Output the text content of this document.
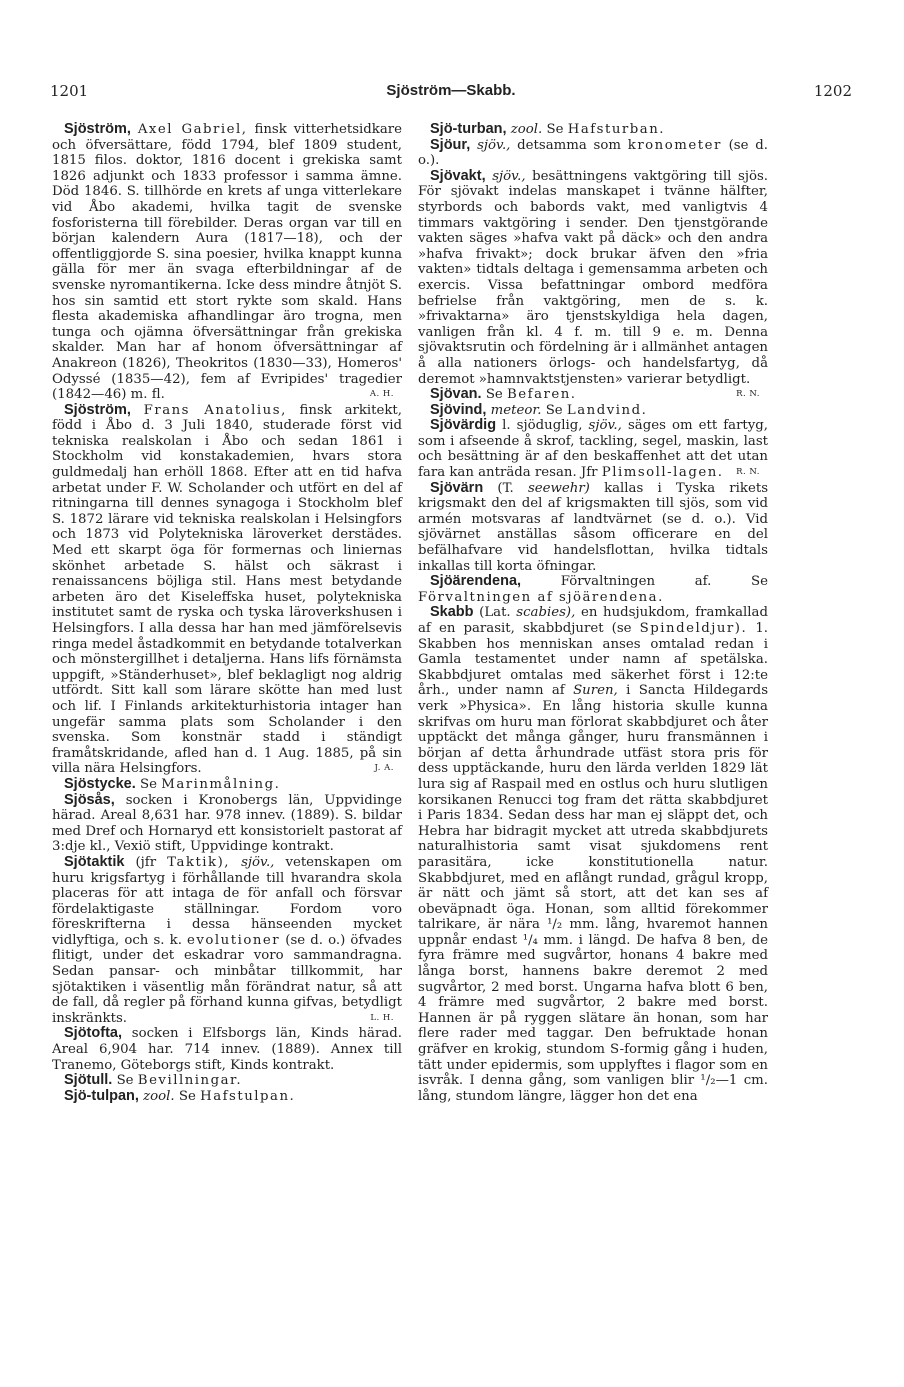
1201	Sjöström—Skabb.	1202

Sjöström, Axel Gabriel, finsk vitterhetsidkare och öfversättare, född 1794, blef 1809 student, 1815 filos. doktor, 1816 docent i grekiska samt 1826 adjunkt och 1833 professor i samma ämne. Död 1846. S. tillhörde en krets af unga vitterlekare vid Åbo akademi, hvilka tagit de svenske fosforisterna till förebilder. Deras organ var till en början kalendern Aura (1817—18), och der offentliggjorde S. sina poesier, hvilka knappt kunna gälla för mer än svaga efterbildningar af de svenske nyromantikerna. Icke dess mindre åtnjöt S. hos sin samtid ett stort rykte som skald. Hans flesta akademiska afhandlingar äro trogna, men tunga och ojämna öfversättningar från grekiska skalder. Man har af honom öfversättningar af Anakreon (1826), Theokritos (1830—33), Homeros' Odyssé (1835—42), fem af Evripides' tragedier (1842—46) m. fl.	A. H.

Sjöström, Frans Anatolius, finsk arkitekt, född i Åbo d. 3 Juli 1840, studerade först vid tekniska realskolan i Åbo och sedan 1861 i Stockholm vid konstakademien, hvars stora guldmedalj han erhöll 1868. Efter att en tid hafva arbetat under F. W. Scholander och utfört en del af ritningarna till dennes synagoga i Stockholm blef S. 1872 lärare vid tekniska realskolan i Helsingfors och 1873 vid Polytekniska läroverket derstädes. Med ett skarpt öga för formernas och liniernas skönhet arbetade S. hälst och säkrast i renaissancens böjliga stil. Hans mest betydande arbeten äro det Kiseleffska huset, polytekniska institutet samt de ryska och tyska läroverkshusen i Helsingfors. I alla dessa har han med jämförelsevis ringa medel åstadkommit en betydande totalverkan och mönstergillhet i detaljerna. Hans lifs förnämsta uppgift, »Ständerhuset», blef beklagligt nog aldrig utfördt. Sitt kall som lärare skötte han med lust och lif. I Finlands arkitekturhistoria intager han ungefär samma plats som Scholander i den svenska. Som konstnär stadd i ständigt framåtskridande, afled han d. 1 Aug. 1885, på sin villa nära Helsingfors.	J. A.

Sjöstycke. Se Marinmålning.

Sjösås, socken i Kronobergs län, Uppvidinge härad. Areal 8,631 har. 978 innev. (1889). S. bildar med Dref och Hornaryd ett konsistorielt pastorat af 3:dje kl., Vexiö stift, Uppvidinge kontrakt.

Sjötaktik (jfr Taktik), sjöv., vetenskapen om huru krigsfartyg i förhållande till hvarandra skola placeras för att intaga de för anfall och försvar fördelaktigaste ställningar. Fordom voro föreskrifterna i dessa hänseenden mycket vidlyftiga, och s. k. evolutioner (se d. o.) öfvades flitigt, under det eskadrar voro sammandragna. Sedan pansar- och minbåtar tillkommit, har sjötaktiken i väsentlig mån förändrat natur, så att de fall, då regler på förhand kunna gifvas, betydligt inskränkts.	L. H.

Sjötofta, socken i Elfsborgs län, Kinds härad. Areal 6,904 har. 714 innev. (1889). Annex till Tranemo, Göteborgs stift, Kinds kontrakt.

Sjötull. Se Bevillningar.

Sjö-tulpan, zool. Se Hafstulpan.

Sjö-turban, zool. Se Hafsturban.

Sjöur, sjöv., detsamma som kronometer (se d. o.).

Sjövakt, sjöv., besättningens vaktgöring till sjös. För sjövakt indelas manskapet i tvänne hälfter, styrbords och babords vakt, med vanligtvis 4 timmars vaktgöring i sender. Den tjenstgörande vakten säges »hafva vakt på däck» och den andra »hafva frivakt»; dock brukar äfven den »fria vakten» tidtals deltaga i gemensamma arbeten och exercis. Vissa befattningar ombord medföra befrielse från vaktgöring, men de s. k. »frivaktarna» äro tjenstskyldiga hela dagen, vanligen från kl. 4 f. m. till 9 e. m. Denna sjövaktsrutin och fördelning är i allmänhet antagen å alla nationers örlogs- och handelsfartyg, då deremot »hamnvaktstjensten» varierar betydligt.
R. N.

Sjövan. Se Befaren.

Sjövind, meteor. Se Landvind.

Sjövärdig l. sjöduglig, sjöv., säges om ett fartyg, som i afseende å skrof, tackling, segel, maskin, last och besättning är af den beskaffenhet att det utan fara kan anträda resan. Jfr Plimsoll-lagen.	R. N.

Sjövärn (T. seewehr) kallas i Tyska rikets krigsmakt den del af krigsmakten till sjös, som vid armén motsvaras af landtvärnet (se d. o.). Vid sjövärnet anställas såsom officerare en del befälhafvare vid handelsflottan, hvilka tidtals inkallas till korta öfningar.

Sjöärendena,	Förvaltningen af. Se Förvaltningen af sjöärendena.

Skabb (Lat. scabies), en hudsjukdom, framkallad af en parasit, skabbdjuret (se Spindeldjur). 1. Skabben hos menniskan anses omtalad redan i Gamla testamentet under namn af spetälska. Skabbdjuret omtalas med säkerhet först i 12:te årh., under namn af Suren, i Sancta Hildegards verk »Physica». En lång historia skulle kunna skrifvas om huru man förlorat skabbdjuret och åter upptäckt det många gånger, huru fransmännen i början af detta århundrade utfäst stora pris för dess upptäckande, huru den lärda verlden 1829 lät lura sig af Raspail med en ostlus och huru slutligen korsikanen Renucci tog fram det rätta skabbdjuret i Paris 1834. Sedan dess har man ej släppt det, och Hebra har bidragit mycket att utreda skabbdjurets naturalhistoria samt visat sjukdomens rent parasitära, icke konstitutionella natur. Skabbdjuret, med en aflångt rundad, grågul kropp, är nätt och jämt så stort, att det kan ses af obeväpnadt öga. Honan, som alltid förekommer talrikare, är nära ¹/₂ mm. lång, hvaremot hannen uppnår endast ¹/₄ mm. i längd. De hafva 8 ben, de fyra främre med sugvårtor, honans 4 bakre med långa borst, hannens bakre deremot 2 med sugvårtor, 2 med borst. Ungarna hafva blott 6 ben, 4 främre med sugvårtor, 2 bakre med borst. Hannen är på ryggen slätare än honan, som har flere rader med taggar. Den befruktade honan gräfver en krokig, stundom S-formig gång i huden, tätt under epidermis, som upplyftes i flagor som en isvråk. I denna gång, som vanligen blir ¹/₂—1 cm. lång, stundom längre, lägger hon det ena
